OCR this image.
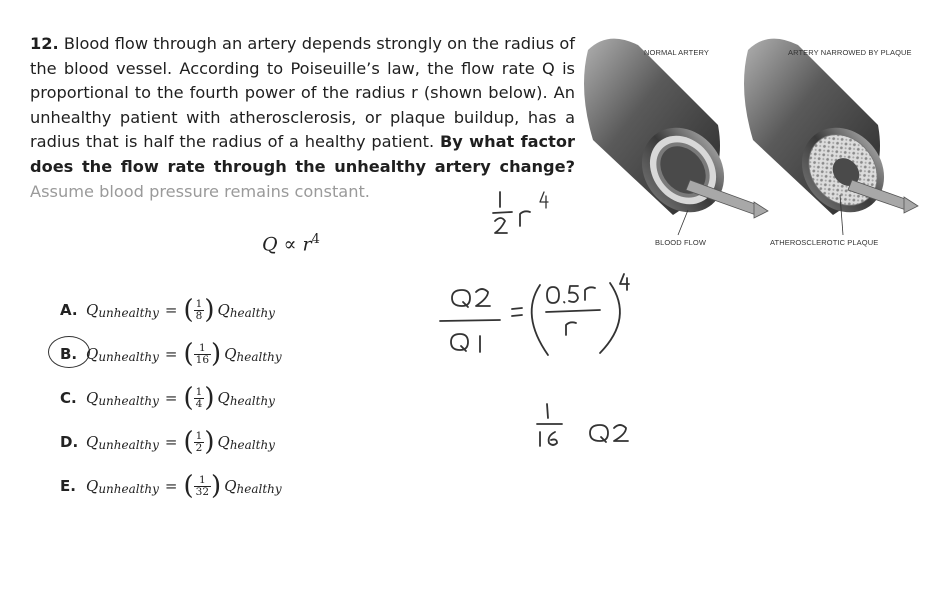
12. Blood flow through an artery depends strongly on the radius of the blood vessel. According to Poiseuille’s law, the flow rate Q is proportional to the fourth power of the radius r (shown below). An unhealthy patient with atherosclerosis, or plaque buildup, has a radius that is half the radius of a healthy patient. By what factor does the flow rate through the unhealthy artery change? Assume blood pressure remains constant.
$Q \propto r^4$
A. Q unhealthy = ( $\frac{1}{8}$ ) Q healthy
B. Q unhealthy = ( $\frac{1}{16}$ ) Q healthy
C. Q unhealthy = ( $\frac{1}{4}$ ) Q healthy
D. Q unhealthy = ( $\frac{1}{2}$ ) Q healthy
E. Q unhealthy = ( $\frac{1}{32}$ ) Q healthy
NORMAL ARTERY	ARTERY NARROWED BY PLAQUE
BLOOD FLOW	ATHEROSCLEROTIC PLAQUE
